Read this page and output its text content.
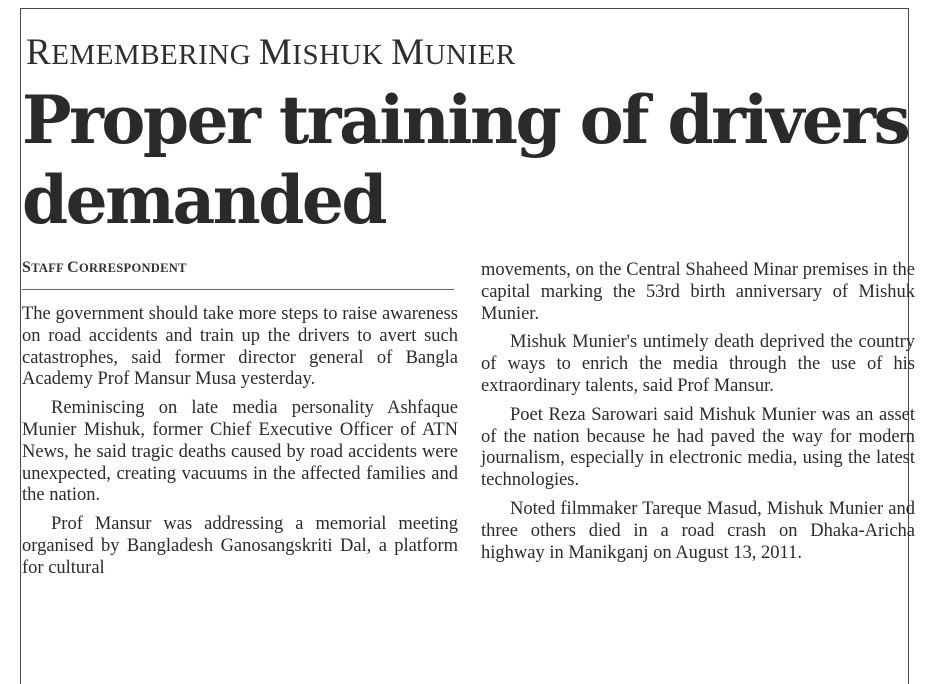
REMEMBERING MISHUK MUNIER
Proper training of drivers
demanded
STAFF CORRESPONDENT

The government should take more steps to raise awareness on road accidents and train up the drivers to avert such catastrophes, said former director general of Bangla Academy Prof Mansur Musa yesterday.

Reminiscing on late media personality Ashfaque Munier Mishuk, former Chief Executive Officer of ATN News, he said tragic deaths caused by road accidents were unexpected, creating vacuums in the affected families and the nation.

Prof Mansur was addressing a memorial meeting organised by Bangladesh Ganosangskriti Dal, a platform for cultural

movements, on the Central Shaheed Minar premises in the capital marking the 53rd birth anniversary of Mishuk Munier.

Mishuk Munier's untimely death deprived the country of ways to enrich the media through the use of his extraordinary talents, said Prof Mansur.

Poet Reza Sarowari said Mishuk Munier was an asset of the nation because he had paved the way for modern journalism, especially in electronic media, using the latest technologies.

Noted filmmaker Tareque Masud, Mishuk Munier and three others died in a road crash on Dhaka-Aricha highway in Manikganj on August 13, 2011.
